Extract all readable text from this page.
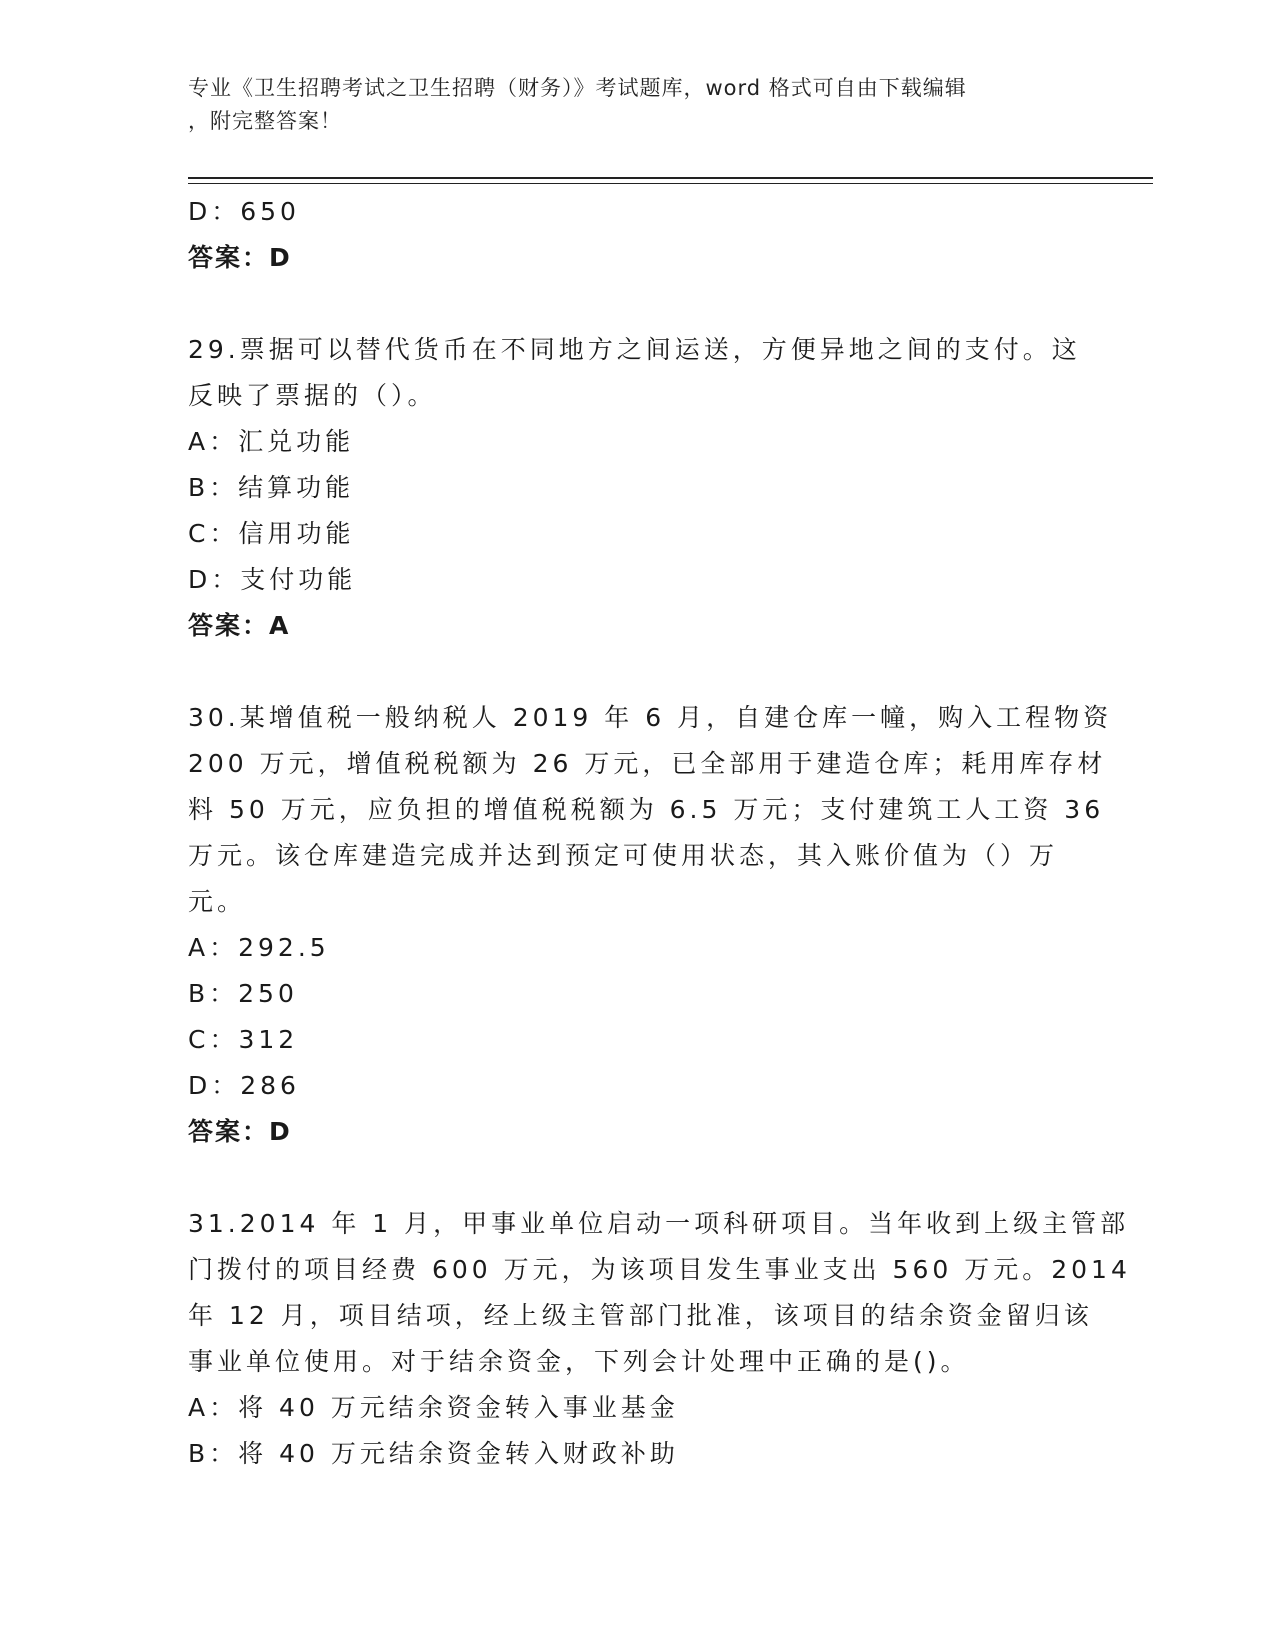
专业《卫生招聘考试之卫生招聘（财务）》考试题库，word 格式可自由下载编辑
，附完整答案！
D：650
答案：D
29.票据可以替代货币在不同地方之间运送，方便异地之间的支付。这
反映了票据的（）。
A：汇兑功能
B：结算功能
C：信用功能
D：支付功能
答案：A
30.某增值税一般纳税人 2019 年 6 月，自建仓库一幢，购入工程物资
200 万元，增值税税额为 26 万元，已全部用于建造仓库；耗用库存材
料 50 万元，应负担的增值税税额为 6.5 万元；支付建筑工人工资 36
万元。该仓库建造完成并达到预定可使用状态，其入账价值为（）万
元。
A：292.5
B：250
C：312
D：286
答案：D
31.2014 年 1 月，甲事业单位启动一项科研项目。当年收到上级主管部
门拨付的项目经费 600 万元，为该项目发生事业支出 560 万元。2014
年 12 月，项目结项，经上级主管部门批准，该项目的结余资金留归该
事业单位使用。对于结余资金，下列会计处理中正确的是()。
A：将 40 万元结余资金转入事业基金
B：将 40 万元结余资金转入财政补助
